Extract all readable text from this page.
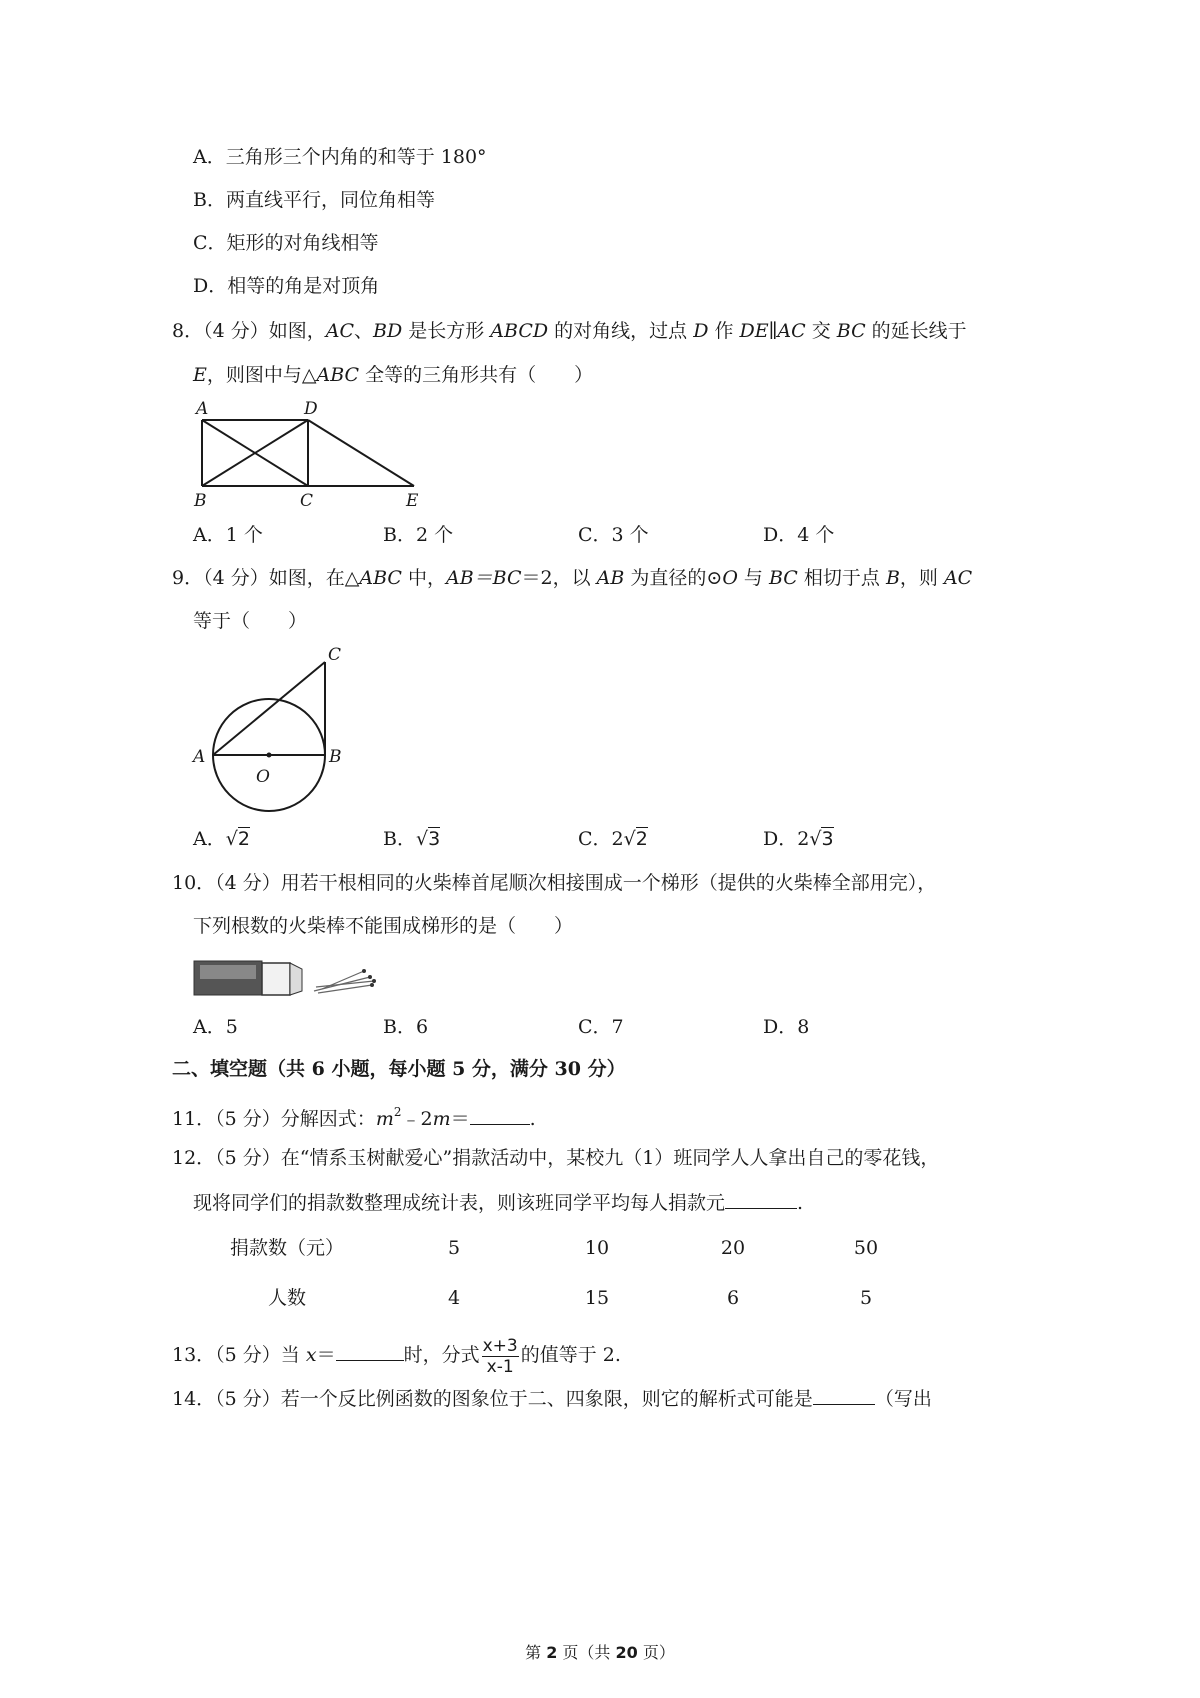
A．三角形三个内角的和等于 180°
B．两直线平行，同位角相等
C．矩形的对角线相等
D．相等的角是对顶角
8．（4 分）如图，AC、BD 是长方形 ABCD 的对角线，过点 D 作 DE∥AC 交 BC 的延长线于
E，则图中与△ABC 全等的三角形共有（　　）
A	D
B	C	E
A．1 个	B．2 个	C．3 个	D．4 个
9．（4 分）如图，在△ABC 中，AB＝BC＝2，以 AB 为直径的⊙O 与 BC 相切于点 B，则 AC
等于（　　）
C
A	B
O
A．√2	B．√3	C．2√2	D．2√3
10．（4 分）用若干根相同的火柴棒首尾顺次相接围成一个梯形（提供的火柴棒全部用完），
下列根数的火柴棒不能围成梯形的是（　　）
A．5	B．6	C．7	D．8
二、填空题（共 6 小题，每小题 5 分，满分 30 分）
11．（5 分）分解因式：$m^2﹣2m=$	.
12．（5 分）在“情系玉树献爱心”捐款活动中，某校九（1）班同学人人拿出自己的零花钱，
现将同学们的捐款数整理成统计表，则该班同学平均每人捐款元	.
捐款数（元）	5	10	20	50
人数	4	15	6	5
13．（5 分）当 x＝	时，分式 $\frac{x+3}{x-1}$ 的值等于 2.
14．（5 分）若一个反比例函数的图象位于二、四象限，则它的解析式可能是	（写出
第 2 页（共 20 页）
